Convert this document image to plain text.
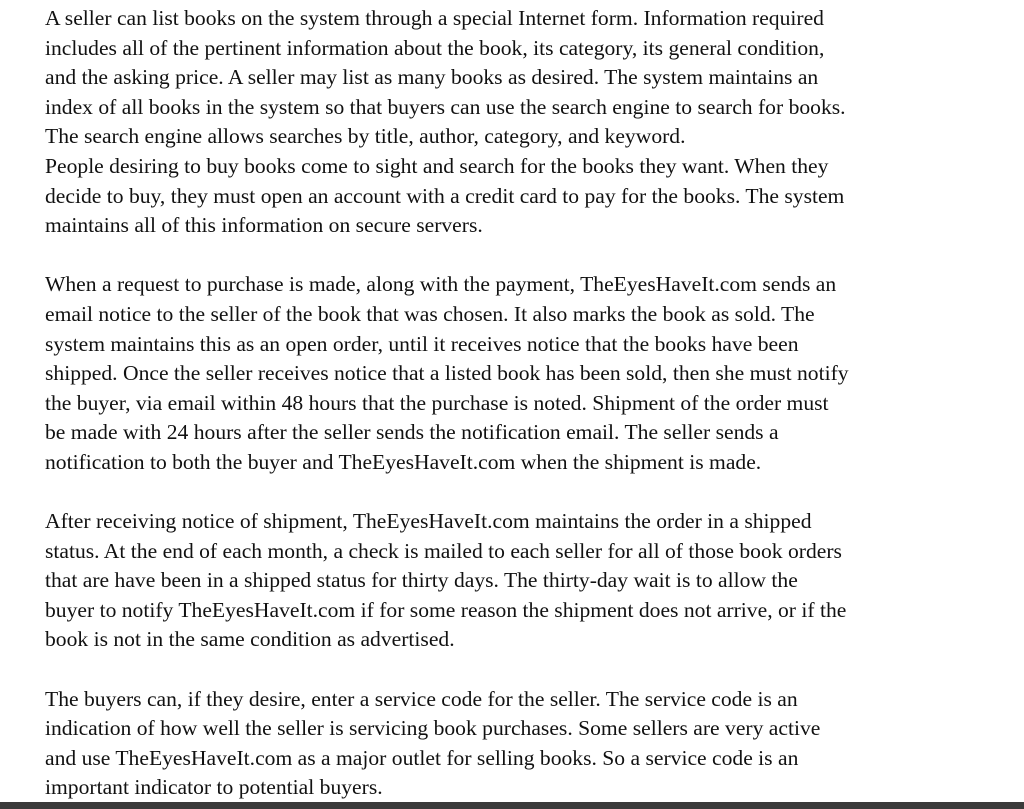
A seller can list books on the system through a special Internet form. Information required
includes all of the pertinent information about the book, its category, its general condition,
and the asking price. A seller may list as many books as desired. The system maintains an
index of all books in the system so that buyers can use the search engine to search for books.
The search engine allows searches by title, author, category, and keyword.
People desiring to buy books come to sight and search for the books they want. When they
decide to buy, they must open an account with a credit card to pay for the books. The system
maintains all of this information on secure servers.
When a request to purchase is made, along with the payment, TheEyesHaveIt.com sends an
email notice to the seller of the book that was chosen. It also marks the book as sold. The
system maintains this as an open order, until it receives notice that the books have been
shipped. Once the seller receives notice that a listed book has been sold, then she must notify
the buyer, via email within 48 hours that the purchase is noted. Shipment of the order must
be made with 24 hours after the seller sends the notification email. The seller sends a
notification to both the buyer and TheEyesHaveIt.com when the shipment is made.
After receiving notice of shipment, TheEyesHaveIt.com maintains the order in a shipped
status. At the end of each month, a check is mailed to each seller for all of those book orders
that are have been in a shipped status for thirty days. The thirty-day wait is to allow the
buyer to notify TheEyesHaveIt.com if for some reason the shipment does not arrive, or if the
book is not in the same condition as advertised.
The buyers can, if they desire, enter a service code for the seller. The service code is an
indication of how well the seller is servicing book purchases. Some sellers are very active
and use TheEyesHaveIt.com as a major outlet for selling books. So a service code is an
important indicator to potential buyers.
